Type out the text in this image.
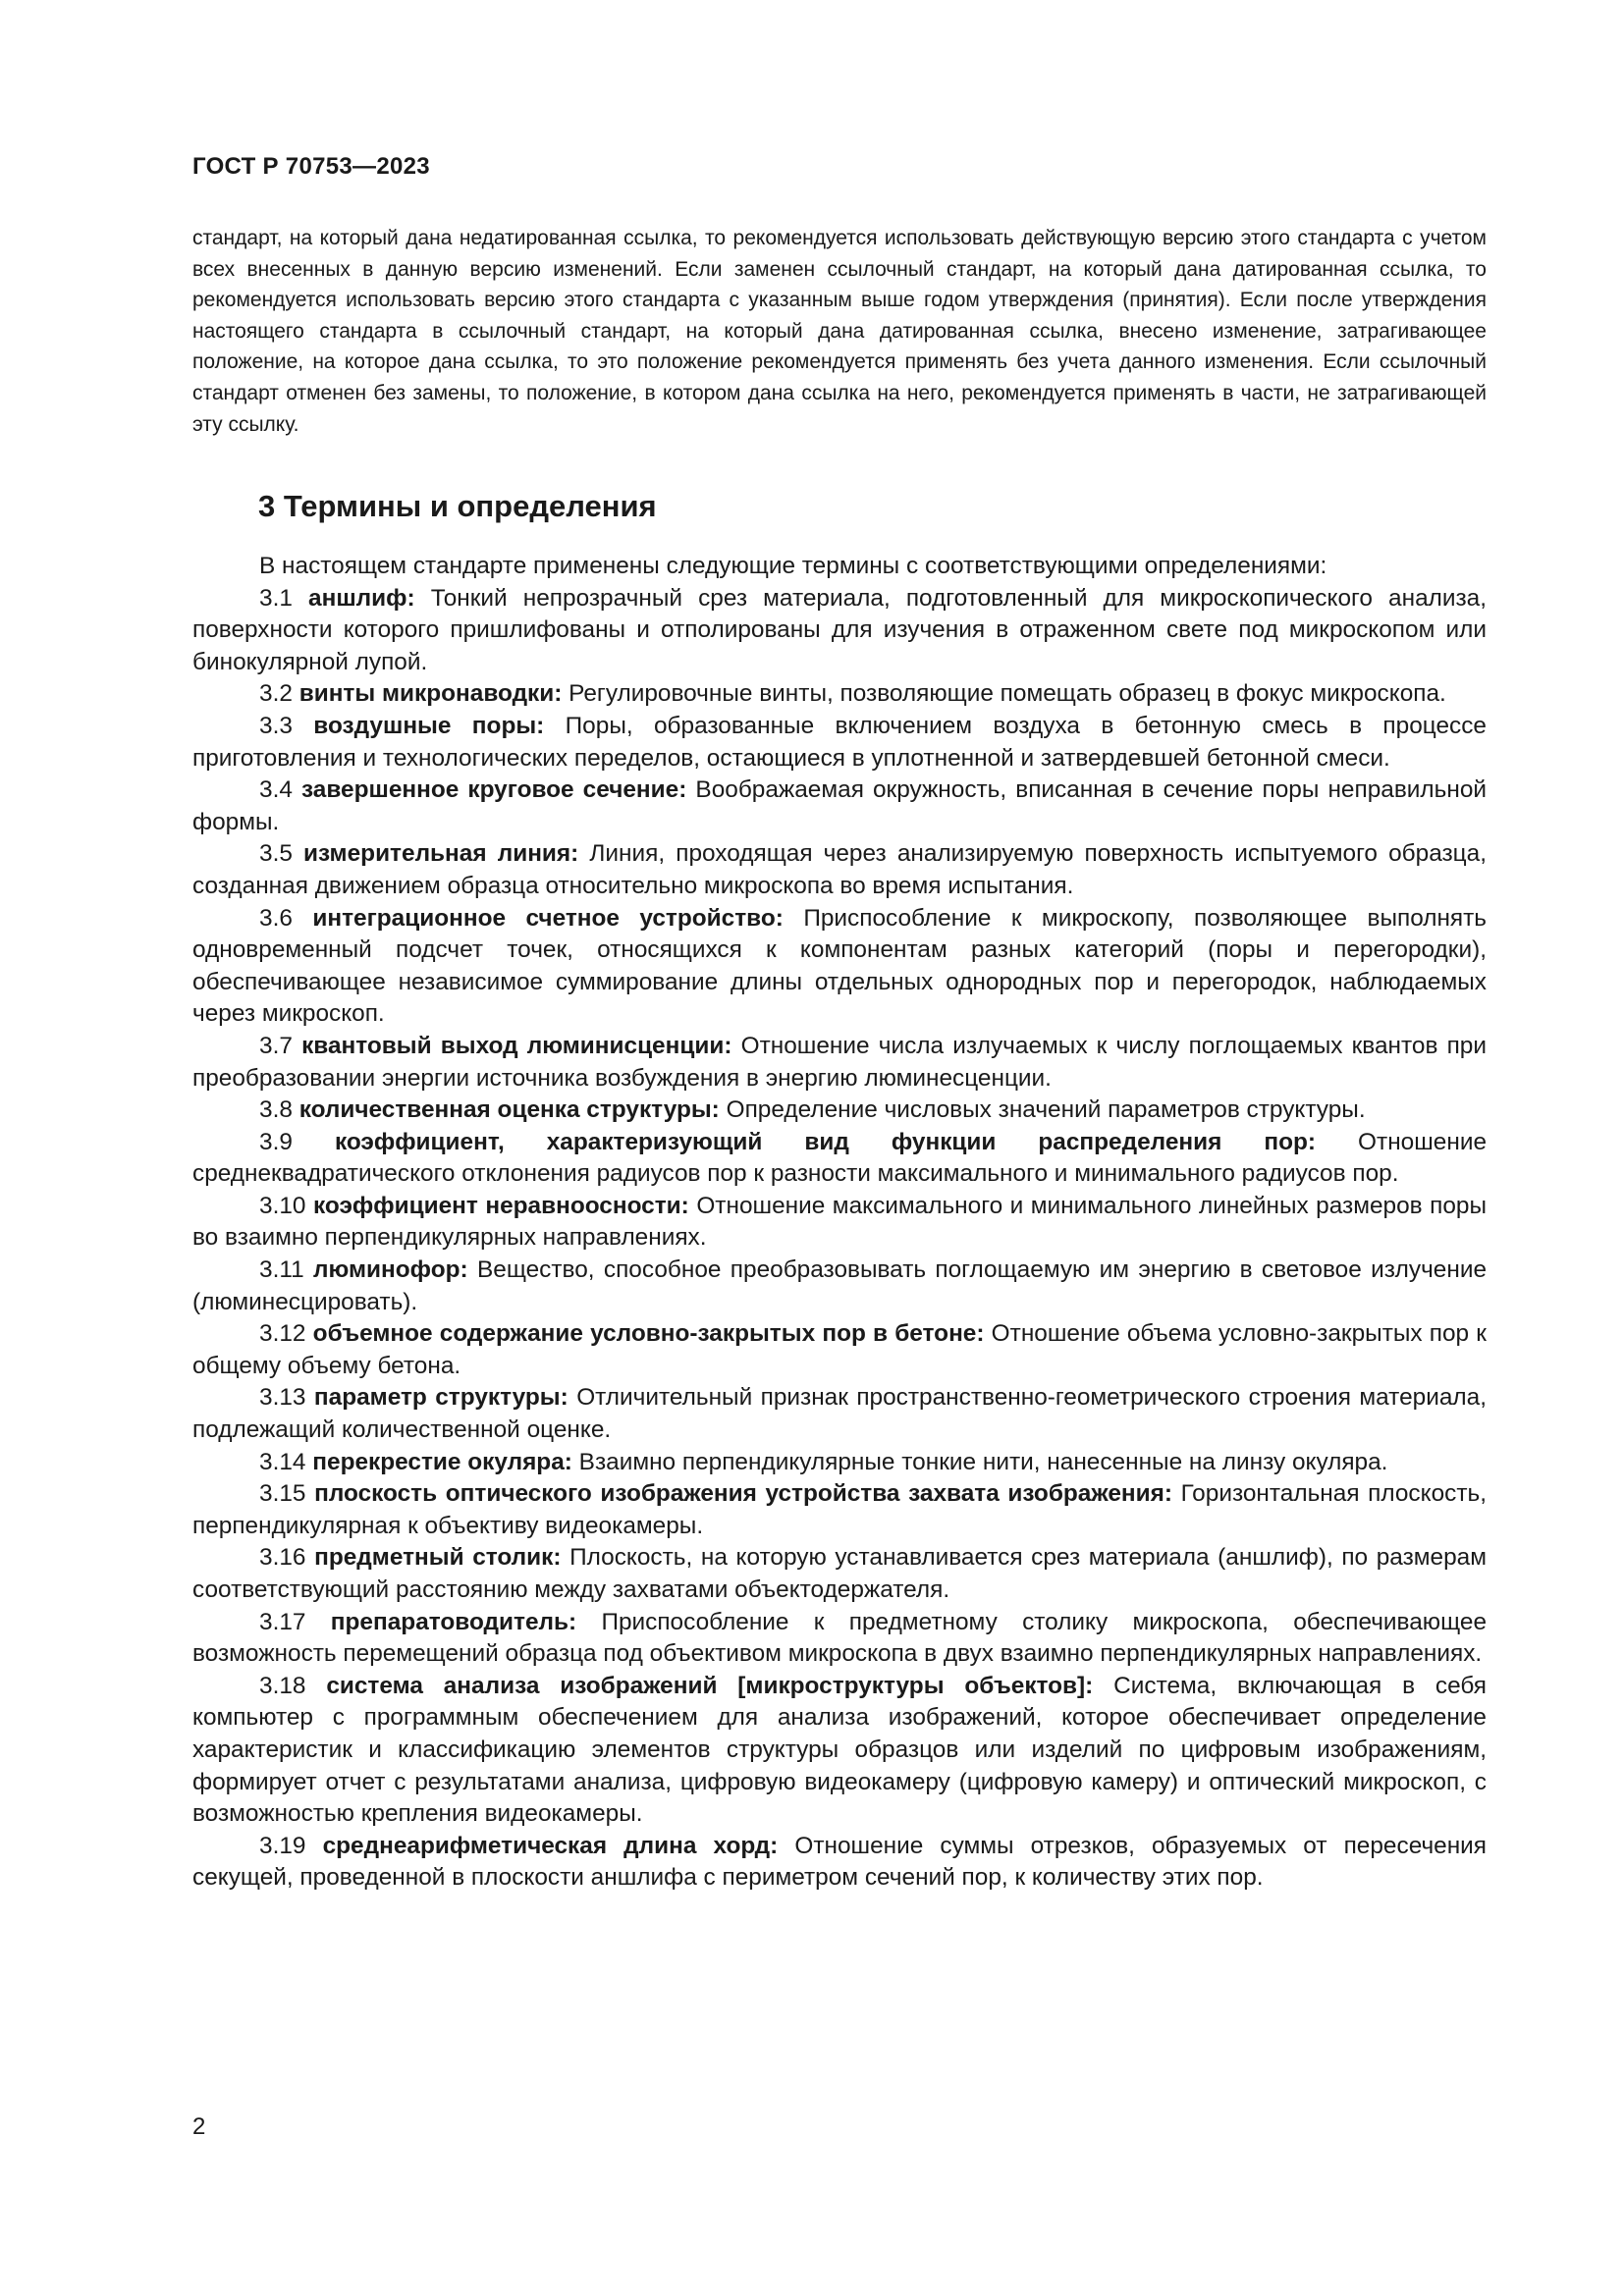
ГОСТ Р 70753—2023

стандарт, на который дана недатированная ссылка, то рекомендуется использовать действующую версию этого стандарта с учетом всех внесенных в данную версию изменений. Если заменен ссылочный стандарт, на который дана датированная ссылка, то рекомендуется использовать версию этого стандарта с указанным выше годом утверждения (принятия). Если после утверждения настоящего стандарта в ссылочный стандарт, на который дана датированная ссылка, внесено изменение, затрагивающее положение, на которое дана ссылка, то это положение рекомендуется применять без учета данного изменения. Если ссылочный стандарт отменен без замены, то положение, в котором дана ссылка на него, рекомендуется применять в части, не затрагивающей эту ссылку.

3 Термины и определения

В настоящем стандарте применены следующие термины с соответствующими определениями:

3.1 аншлиф: Тонкий непрозрачный срез материала, подготовленный для микроскопического анализа, поверхности которого пришлифованы и отполированы для изучения в отраженном свете под микроскопом или бинокулярной лупой.

3.2 винты микронаводки: Регулировочные винты, позволяющие помещать образец в фокус микроскопа.

3.3 воздушные поры: Поры, образованные включением воздуха в бетонную смесь в процессе приготовления и технологических переделов, остающиеся в уплотненной и затвердевшей бетонной смеси.

3.4 завершенное круговое сечение: Воображаемая окружность, вписанная в сечение поры неправильной формы.

3.5 измерительная линия: Линия, проходящая через анализируемую поверхность испытуемого образца, созданная движением образца относительно микроскопа во время испытания.

3.6 интеграционное счетное устройство: Приспособление к микроскопу, позволяющее выполнять одновременный подсчет точек, относящихся к компонентам разных категорий (поры и перегородки), обеспечивающее независимое суммирование длины отдельных однородных пор и перегородок, наблюдаемых через микроскоп.

3.7 квантовый выход люминисценции: Отношение числа излучаемых к числу поглощаемых квантов при преобразовании энергии источника возбуждения в энергию люминесценции.

3.8 количественная оценка структуры: Определение числовых значений параметров структуры.

3.9 коэффициент, характеризующий вид функции распределения пор: Отношение среднеквадратического отклонения радиусов пор к разности максимального и минимального радиусов пор.

3.10 коэффициент неравноосности: Отношение максимального и минимального линейных размеров поры во взаимно перпендикулярных направлениях.

3.11 люминофор: Вещество, способное преобразовывать поглощаемую им энергию в световое излучение (люминесцировать).

3.12 объемное содержание условно-закрытых пор в бетоне: Отношение объема условно-закрытых пор к общему объему бетона.

3.13 параметр структуры: Отличительный признак пространственно-геометрического строения материала, подлежащий количественной оценке.

3.14 перекрестие окуляра: Взаимно перпендикулярные тонкие нити, нанесенные на линзу окуляра.

3.15 плоскость оптического изображения устройства захвата изображения: Горизонтальная плоскость, перпендикулярная к объективу видеокамеры.

3.16 предметный столик: Плоскость, на которую устанавливается срез материала (аншлиф), по размерам соответствующий расстоянию между захватами объектодержателя.

3.17 препаратоводитель: Приспособление к предметному столику микроскопа, обеспечивающее возможность перемещений образца под объективом микроскопа в двух взаимно перпендикулярных направлениях.

3.18 система анализа изображений [микроструктуры объектов]: Система, включающая в себя компьютер с программным обеспечением для анализа изображений, которое обеспечивает определение характеристик и классификацию элементов структуры образцов или изделий по цифровым изображениям, формирует отчет с результатами анализа, цифровую видеокамеру (цифровую камеру) и оптический микроскоп, с возможностью крепления видеокамеры.

3.19 среднеарифметическая длина хорд: Отношение суммы отрезков, образуемых от пересечения секущей, проведенной в плоскости аншлифа с периметром сечений пор, к количеству этих пор.

2
